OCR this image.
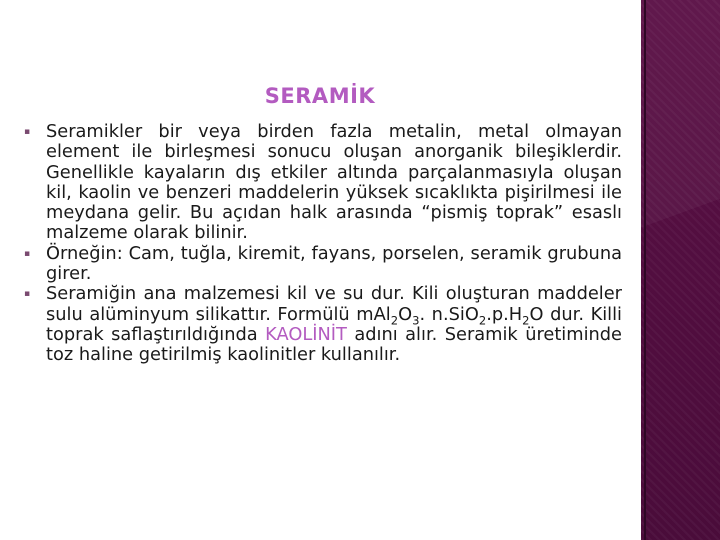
SERAMİK
▪ Seramikler bir veya birden fazla metalin, metal olmayan element ile birleşmesi sonucu oluşan anorganik bileşiklerdir. Genellikle kayaların dış etkiler altında parçalanmasıyla oluşan kil, kaolin ve benzeri maddelerin yüksek sıcaklıkta pişirilmesi ile meydana gelir. Bu açıdan halk arasında “pismiş toprak” esaslı malzeme olarak bilinir.
▪ Örneğin: Cam, tuğla, kiremit, fayans, porselen, seramik grubuna girer.
▪ Seramiğin ana malzemesi kil ve su dur. Kili oluşturan maddeler sulu alüminyum silikattır. Formülü $mAl_2O_3$. $n.SiO_2.p.H_2O$ dur. Killi toprak saflaştırıldığında KAOLİNİT adını alır. Seramik üretiminde toz haline getirilmiş kaolinitler kullanılır.
